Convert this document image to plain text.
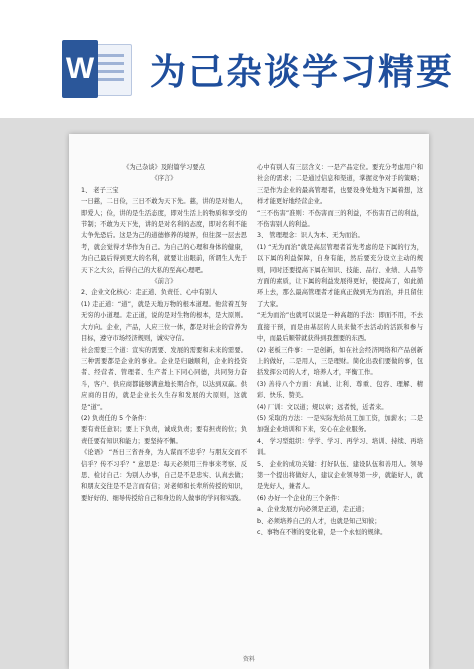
W 为己杂谈学习精要

《为己杂谈》及附篇学习要点

《序言》

1、 老子三宝

一日慈，二日俭，三日不敢为天下先。慈，讲的是对他人，即爱人；俭，讲的是生活态度，即对生活上的物质和享受的节制；不敢为天下先，讲的是对名利的态度，即对名利不能太争先恐后。这是为己的道德修养的境界，但往深一层去思考，就会觉得才华作为自己。为自己的心理和身体的健康，为自己最后得到更大的名利，就要让出眼前，所谓生人先于天下之大公，后得自己的大私的至高心理吧。

《前言》

2、企业文化核心：走正道、负责任、心中有别人

(1) 走正道：“道”，就是天地万物的根本道理。他营着互努无穷的小道理。走正道，说的是对生物的根本，是大原则。大方向。企业，产品，人应三位一体，都是对社会的营养为目标，遵守市场经济规则，诚实守信。

社会需要三个道：宣实的需要、发展的需要和未来的需要。三种需要都是企业的事业。企业是归融顺利，企业的投资者、经营者、管理者、生产者上下同心同德，共同努力奋斗，客户、供应商都能够满意地长期合作，以达到双赢。供应商的目的，就是企业长久生存和发展的大原则，这就是“道”。

(2) 负责任的 5 个条件：

要有责任意识；要上下负责，诚成负责；要有担责的位；负责任要有知识和能力；要坚持不懈。

《论语》 “吾日三省吾身，为人谋而不忠乎？与朋友交而不信乎？传不习乎？” 意思是：每天必须用三件事来考察、反思、检讨自己：为别人办事，自己是不是忠实、认真去做；和朋友交往是不是言而有信；对老师和长辈所传授的知识，要好好的、细导传授给自己和身边的人做事的学问和实践。

心中有别人有三层含义：一是产品定位。要充分考虑用户和社会的需求；二是通过信息和渠道，掌握竞争对手的策略；三是作为企业的最高管理者，也要设身处地为下属着想，这样才能更好地经营企业。

“三不伤害”准则：不伤害而三的利益，不伤害百己的利益，不伤害别人的利益。

3、 管理理念：识人为本、无为而治。

(1) “无为而治”就是高层管理者首先考虑的是下属的行为，以下属的利益保障，自身有能，然后要充分设立主动的规则，同时还要提高下属在知识、技能、品行、业绩、人品等方面的素质，让下属的利益发展得更好，使提高了，如此循环上去，那么最高管理者才能真正做到无为而治，并且留住了大家。

“无为而治”也就可以说是一种高超的手法：即面不用，不去直接干预，而是由基层的人员来做不去活动的活跃和参与中，而最后顺带就获得到我想要的东西。

(2) 老板三件事：一是创新，如在社会经济网络和产品创新上的做好，二是用人，三是理财。简化出我们要做的事，包括发挥公司的人才，培养人才，平衡工作。

(3) 善待八个方面：真诚、让利、尊重、包容、理解、精彩、快乐、赞美。

(4) 厂训：文以道；规以章；远者悦，近者来。

(5) 采取的方法：一是实际先给员工加工资，加薪水；二是加强企业培训和下来，安心在企业服务。

4、 学习型组织：学学、学习、再学习、培训、持续、再培训。

5、 企业的成功关键：打好队伍、建设队伍和善用人。领导第一个提出将做好人，建议企业领导第一步，就能好人，就是先好人，兼者人。

(6) 办好一个企业的三个条件：

a、企业发展方向必须是正道，走正道；

b、必须培养自己的人才，也就是知己知彼；

c、事物在不断的变化着，是一个永恒的规律。

资料
